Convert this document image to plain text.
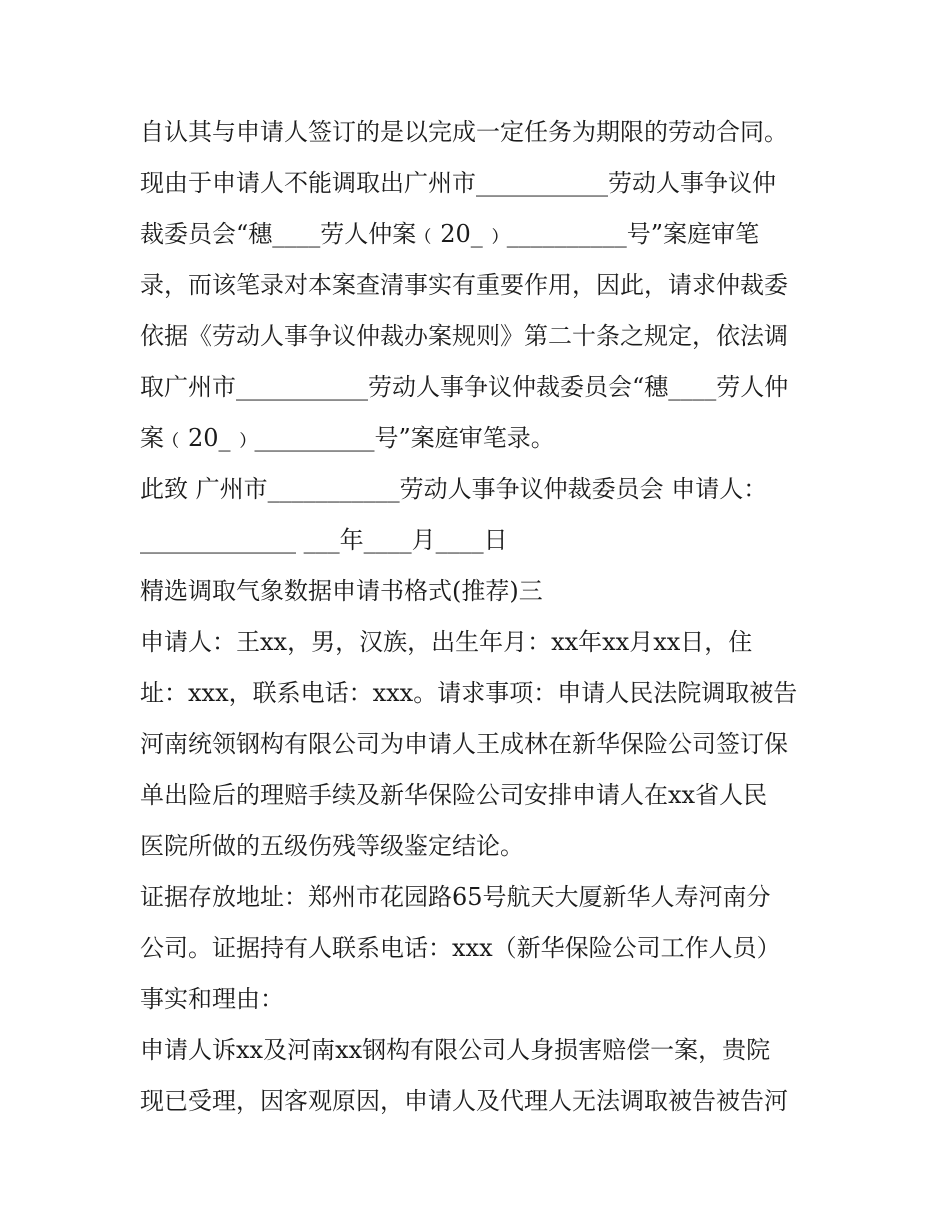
自认其与申请人签订的是以完成一定任务为期限的劳动合同。
现由于申请人不能调取出广州市___________劳动人事争议仲
裁委员会“穗____劳人仲案﹙20_﹚__________号”案庭审笔
录，而该笔录对本案查清事实有重要作用，因此，请求仲裁委
依据《劳动人事争议仲裁办案规则》第二十条之规定，依法调
取广州市___________劳动人事争议仲裁委员会“穗____劳人仲
案﹙20_﹚__________号”案庭审笔录。
此致 广州市___________劳动人事争议仲裁委员会 申请人：
_____________ ___年____月____日
精选调取气象数据申请书格式(推荐)三
申请人：王xx，男，汉族，出生年月：xx年xx月xx日，住
址：xxx，联系电话：xxx。请求事项：申请人民法院调取被告
河南统领钢构有限公司为申请人王成林在新华保险公司签订保
单出险后的理赔手续及新华保险公司安排申请人在xx省人民
医院所做的五级伤残等级鉴定结论。
证据存放地址：郑州市花园路65号航天大厦新华人寿河南分
公司。证据持有人联系电话：xxx（新华保险公司工作人员）
事实和理由：
申请人诉xx及河南xx钢构有限公司人身损害赔偿一案，贵院
现已受理，因客观原因，申请人及代理人无法调取被告被告河
